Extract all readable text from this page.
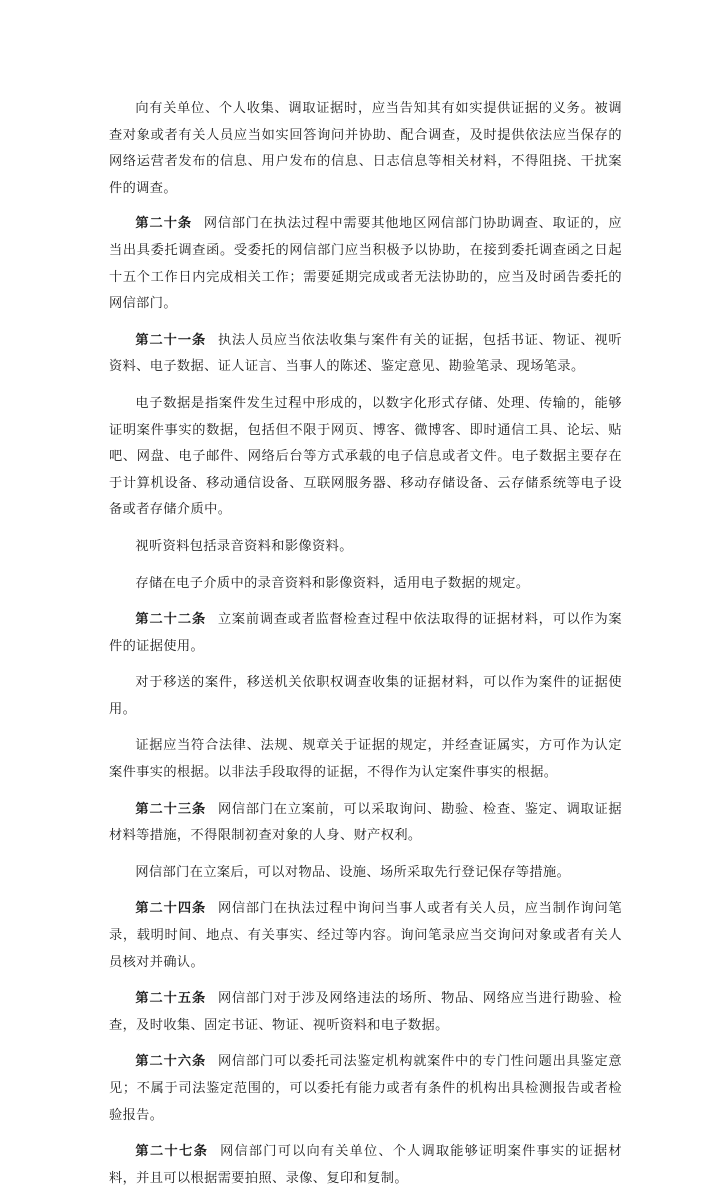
向有关单位、个人收集、调取证据时，应当告知其有如实提供证据的义务。被调查对象或者有关人员应当如实回答询问并协助、配合调查，及时提供依法应当保存的网络运营者发布的信息、用户发布的信息、日志信息等相关材料，不得阻挠、干扰案件的调查。

第二十条 网信部门在执法过程中需要其他地区网信部门协助调查、取证的，应当出具委托调查函。受委托的网信部门应当积极予以协助，在接到委托调查函之日起十五个工作日内完成相关工作；需要延期完成或者无法协助的，应当及时函告委托的网信部门。

第二十一条 执法人员应当依法收集与案件有关的证据，包括书证、物证、视听资料、电子数据、证人证言、当事人的陈述、鉴定意见、勘验笔录、现场笔录。

电子数据是指案件发生过程中形成的，以数字化形式存储、处理、传输的，能够证明案件事实的数据，包括但不限于网页、博客、微博客、即时通信工具、论坛、贴吧、网盘、电子邮件、网络后台等方式承载的电子信息或者文件。电子数据主要存在于计算机设备、移动通信设备、互联网服务器、移动存储设备、云存储系统等电子设备或者存储介质中。

视听资料包括录音资料和影像资料。

存储在电子介质中的录音资料和影像资料，适用电子数据的规定。

第二十二条 立案前调查或者监督检查过程中依法取得的证据材料，可以作为案件的证据使用。

对于移送的案件，移送机关依职权调查收集的证据材料，可以作为案件的证据使用。

证据应当符合法律、法规、规章关于证据的规定，并经查证属实，方可作为认定案件事实的根据。以非法手段取得的证据，不得作为认定案件事实的根据。

第二十三条 网信部门在立案前，可以采取询问、勘验、检查、鉴定、调取证据材料等措施，不得限制初查对象的人身、财产权利。

网信部门在立案后，可以对物品、设施、场所采取先行登记保存等措施。

第二十四条 网信部门在执法过程中询问当事人或者有关人员，应当制作询问笔录，载明时间、地点、有关事实、经过等内容。询问笔录应当交询问对象或者有关人员核对并确认。

第二十五条 网信部门对于涉及网络违法的场所、物品、网络应当进行勘验、检查，及时收集、固定书证、物证、视听资料和电子数据。

第二十六条 网信部门可以委托司法鉴定机构就案件中的专门性问题出具鉴定意见；不属于司法鉴定范围的，可以委托有能力或者有条件的机构出具检测报告或者检验报告。

第二十七条 网信部门可以向有关单位、个人调取能够证明案件事实的证据材料，并且可以根据需要拍照、录像、复印和复制。
